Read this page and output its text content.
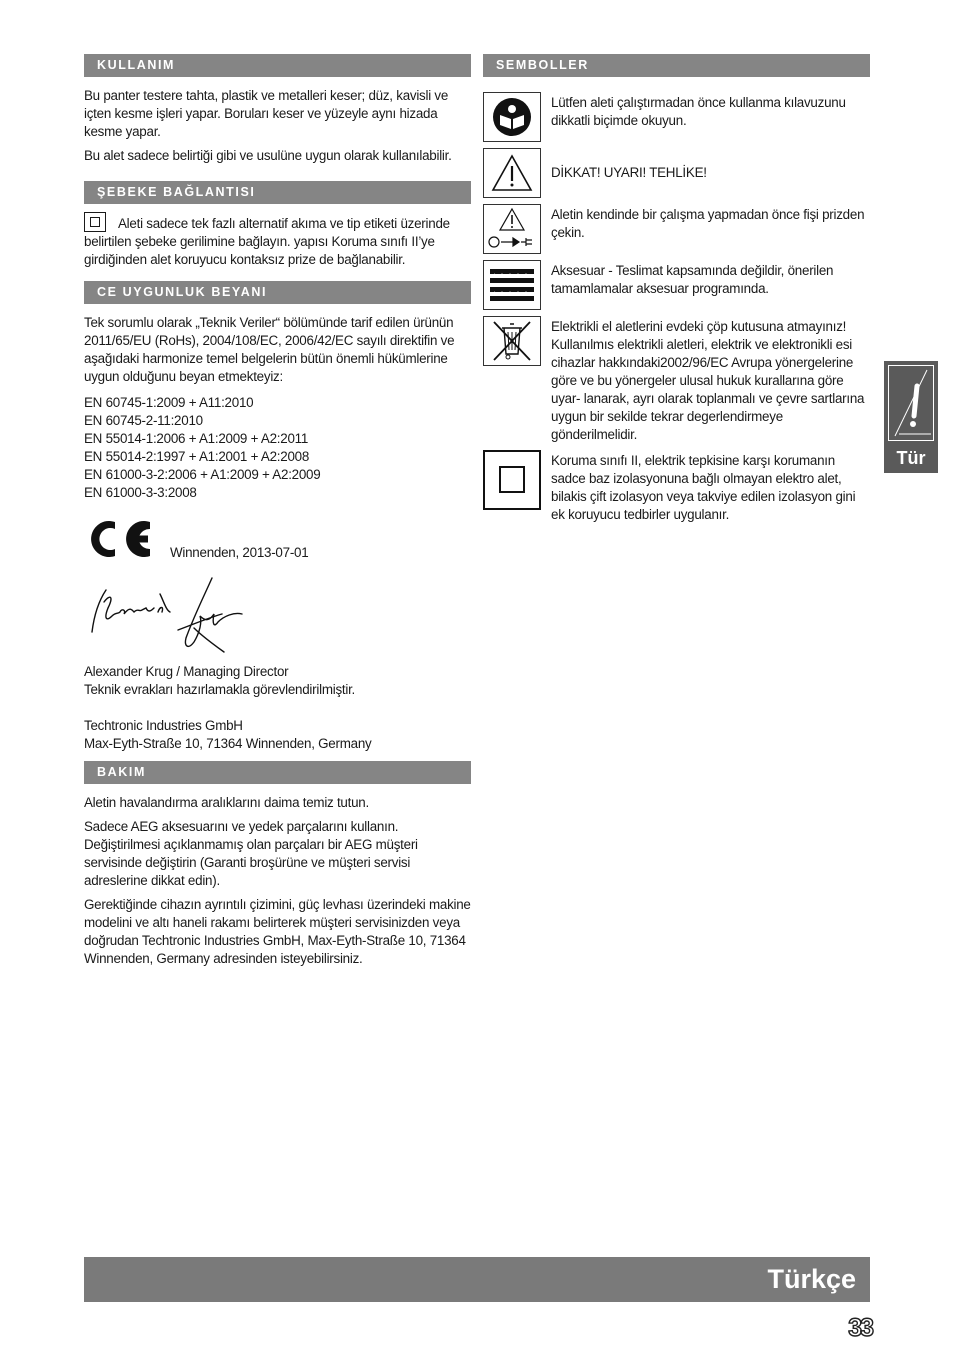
KULLANIM

Bu panter testere tahta, plastik ve metalleri keser; düz, kavisli ve içten kesme işleri yapar. Boruları keser ve yüzeyle aynı hizada kesme yapar.

Bu alet sadece belirtiği gibi ve usulüne uygun olarak kullanılabilir.

ŞEBEKE BAĞLANTISI

Aleti sadece tek fazlı alternatif akıma ve tip etiketi üzerinde belirtilen şebeke gerilimine bağlayın. yapısı Koruma sınıfı II’ye girdiğinden alet koruyucu kontaksız prize de bağlanabilir.

CE UYGUNLUK BEYANI

Tek sorumlu olarak „Teknik Veriler“ bölümünde tarif edilen ürünün 2011/65/EU (RoHs), 2004/108/EC, 2006/42/EC sayılı direktifin ve aşağıdaki harmonize temel belgelerin bütün önemli hükümlerine uygun olduğunu beyan etmekteyiz:

EN 60745-1:2009 + A11:2010
EN 60745-2-11:2010
EN 55014-1:2006 + A1:2009 + A2:2011
EN 55014-2:1997 + A1:2001 + A2:2008
EN 61000-3-2:2006 + A1:2009 + A2:2009
EN 61000-3-3:2008
Winnenden, 2013-07-01
Alexander Krug / Managing Director
Teknik evrakları hazırlamakla görevlendirilmiştir.
Techtronic Industries GmbH
Max-Eyth-Straße 10, 71364 Winnenden, Germany
BAKIM

Aletin havalandırma aralıklarını daima temiz tutun.

Sadece AEG aksesuarını ve yedek parçalarını kullanın. Değiştirilmesi açıklanmamış olan parçaları bir AEG müşteri servisinde değiştirin (Garanti broşürüne ve müşteri servisi adreslerine dikkat edin).

Gerektiğinde cihazın ayrıntılı çizimini, güç levhası üzerindeki makine modelini ve altı haneli rakamı belirterek müşteri servisinizden veya doğrudan Techtronic Industries GmbH, Max-Eyth-Straße 10, 71364 Winnenden, Germany adresinden isteyebilirsiniz.

SEMBOLLER
Lütfen aleti çalıştırmadan önce kullanma kılavuzunu dikkatli biçimde okuyun.
DİKKAT! UYARI! TEHLİKE!
Aletin kendinde bir çalışma yapmadan önce fişi prizden çekin.
Aksesuar - Teslimat kapsamında değildir, önerilen tamamlamalar aksesuar programında.
Elektrikli el aletlerini evdeki çöp kutusuna atmayınız! Kullanılmıs elektrikli aletleri, elektrik ve elektronikli esi cihazlar hakkındaki2002/96/EC Avrupa yönergelerine göre ve bu yönergeler ulusal hukuk kurallarına göre uyar- lanarak, ayrı olarak toplanmalı ve çevre sartlarına uygun bir sekilde tekrar degerlendirmeye gönderilmelidir.
Koruma sınıfı II, elektrik tepkisine karşı korumanın sadce baz izolasyonuna bağlı olmayan elektro alet, bilakis çift izolasyon veya takviye edilen izolasyon gini ek koruyucu tedbirler uygulanır.
Tür
Türkçe
33
